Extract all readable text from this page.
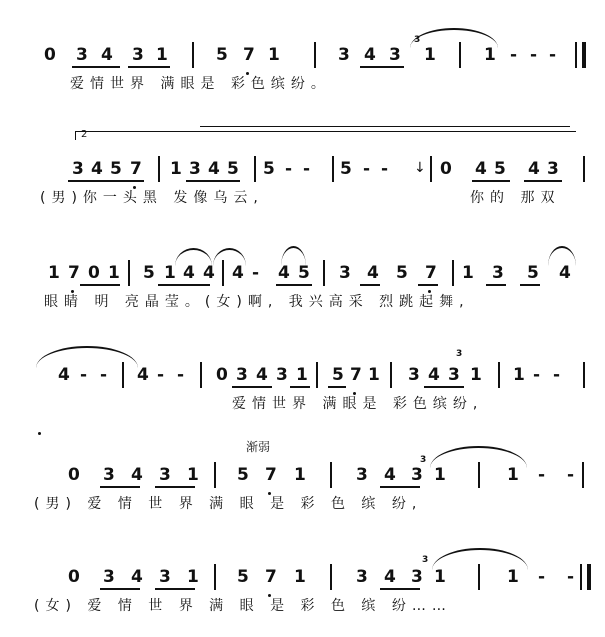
0 3 4 3 1	5 7 1	3 4 3 1	1 - - -
3
爱情世界 满眼是 彩色缤纷。
3 4 5 7 1 3 4 5 5 - - 5 - -	0 4 5 4 3
(男)你一头黑 发像乌云,	你的 那双
2
↓
1 7 0 1 5 1 4 4 4 - 4 5 3 4 5 7 1 3 5 4
眼睛 明 亮晶莹。(女)啊, 我兴高采 烈跳起舞,
4 - - 4 - - 0 3 4 3 1 5 7 1 3 4 3 1 1 - -
3
爱情世界 满眼是 彩色缤纷,
0 3 4 3 1 5 7 1	3 4 3 1	1 - -
3
(男) 爱 情 世 界 满 眼 是 彩 色 缤 纷,
渐弱
0 3 4 3 1 5 7 1	3 4 3 1	1 - -
3
(女) 爱 情 世 界 满 眼 是 彩 色 缤 纷……
